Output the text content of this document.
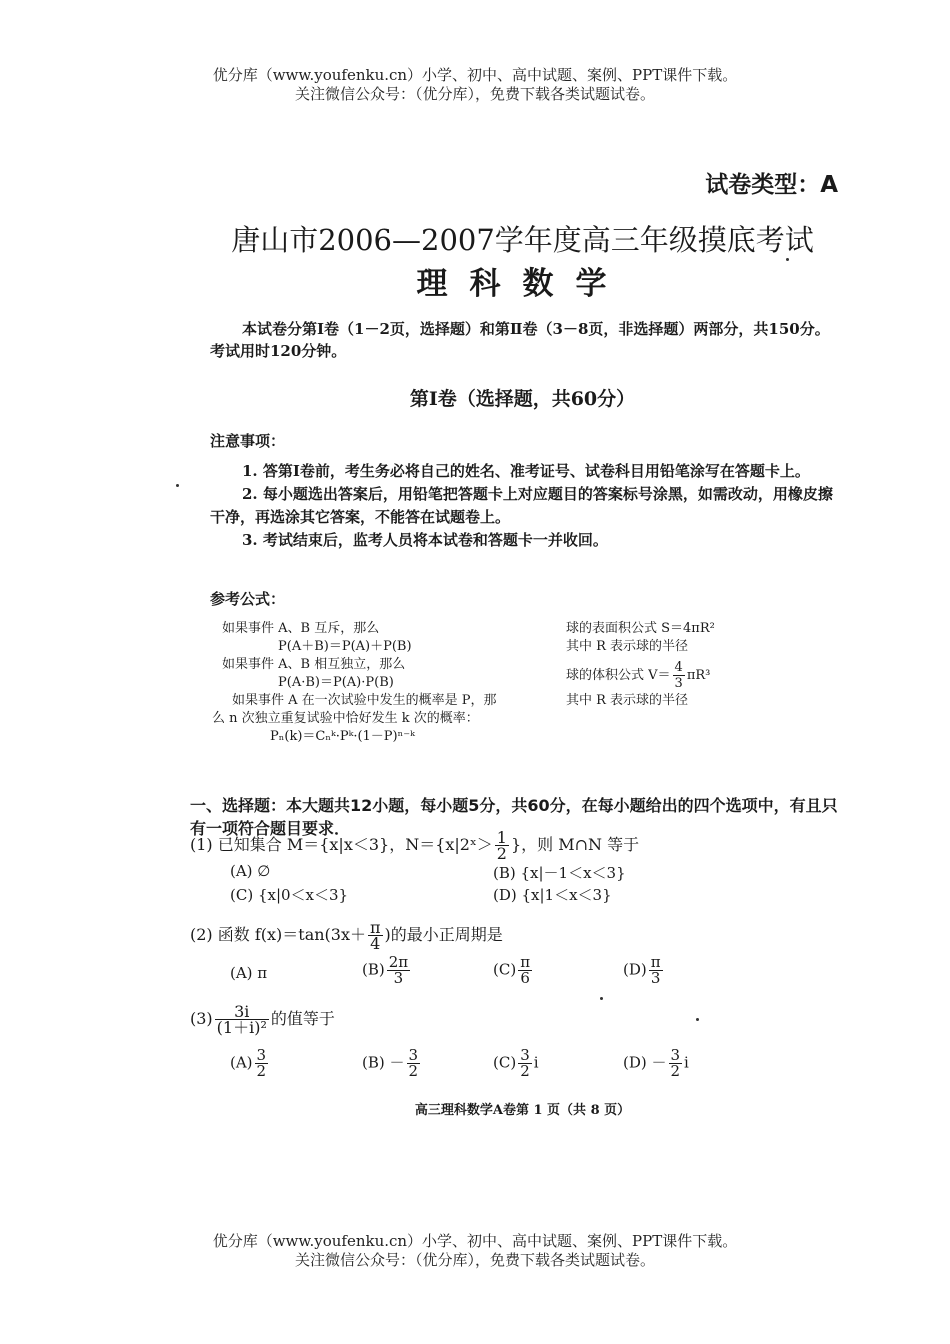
优分库（www.youfenku.cn）小学、初中、高中试题、案例、PPT课件下载。
关注微信公众号：（优分库），免费下载各类试题试卷。
试卷类型：A
唐山市2006—2007学年度高三年级摸底考试
理科数学
本试卷分第Ⅰ卷（1－2页，选择题）和第Ⅱ卷（3－8页，非选择题）两部分，共150分。考试用时120分钟。
第Ⅰ卷（选择题，共60分）
注意事项：

1. 答第Ⅰ卷前，考生务必将自己的姓名、准考证号、试卷科目用铅笔涂写在答题卡上。

2. 每小题选出答案后，用铅笔把答题卡上对应题目的答案标号涂黑，如需改动，用橡皮擦干净，再选涂其它答案，不能答在试题卷上。

3. 考试结束后，监考人员将本试卷和答题卡一并收回。

参考公式：
如果事件 A、B 互斥，那么
P(A＋B)＝P(A)＋P(B)
如果事件 A、B 相互独立，那么
P(A·B)＝P(A)·P(B)
如果事件 A 在一次试验中发生的概率是 P，那
么 n 次独立重复试验中恰好发生 k 次的概率：
Pₙ(k)＝Cₙᵏ·Pᵏ·(1－P)ⁿ⁻ᵏ
球的表面积公式 S＝4πR²
其中 R 表示球的半径
球的体积公式 $V= \frac{4}{3} \pi R^3$
其中 R 表示球的半径
一、选择题：本大题共12小题，每小题5分，共60分，在每小题给出的四个选项中，有且只有一项符合题目要求．
(1) 已知集合 M＝{x|x＜3}，N＝{x|2ˣ＞ $\frac{1}{2}$ }，则 M∩N 等于
(A) ∅	(B) {x|－1＜x＜3}
(C) {x|0＜x＜3}	(D) {x|1＜x＜3}
(2) 函数 $f(x)=\tan(3x+ \frac{\pi}{4}$ )的最小正周期是
(A) π	$(B) \frac{2\pi}{3}$	$(C) \frac{\pi}{6}$	$(D) \frac{\pi}{3}$
$(3) \frac{3i}{\text{(1＋i)²}}$ 的值等于
$(A) \frac{3}{2}$	$(B) - \frac{3}{2}$	$(C) \frac{3}{2}$ i	$(D) - \frac{3}{2}$ i
高三理科数学A卷第 1 页（共 8 页）
优分库（www.youfenku.cn）小学、初中、高中试题、案例、PPT课件下载。
关注微信公众号：（优分库），免费下载各类试题试卷。
